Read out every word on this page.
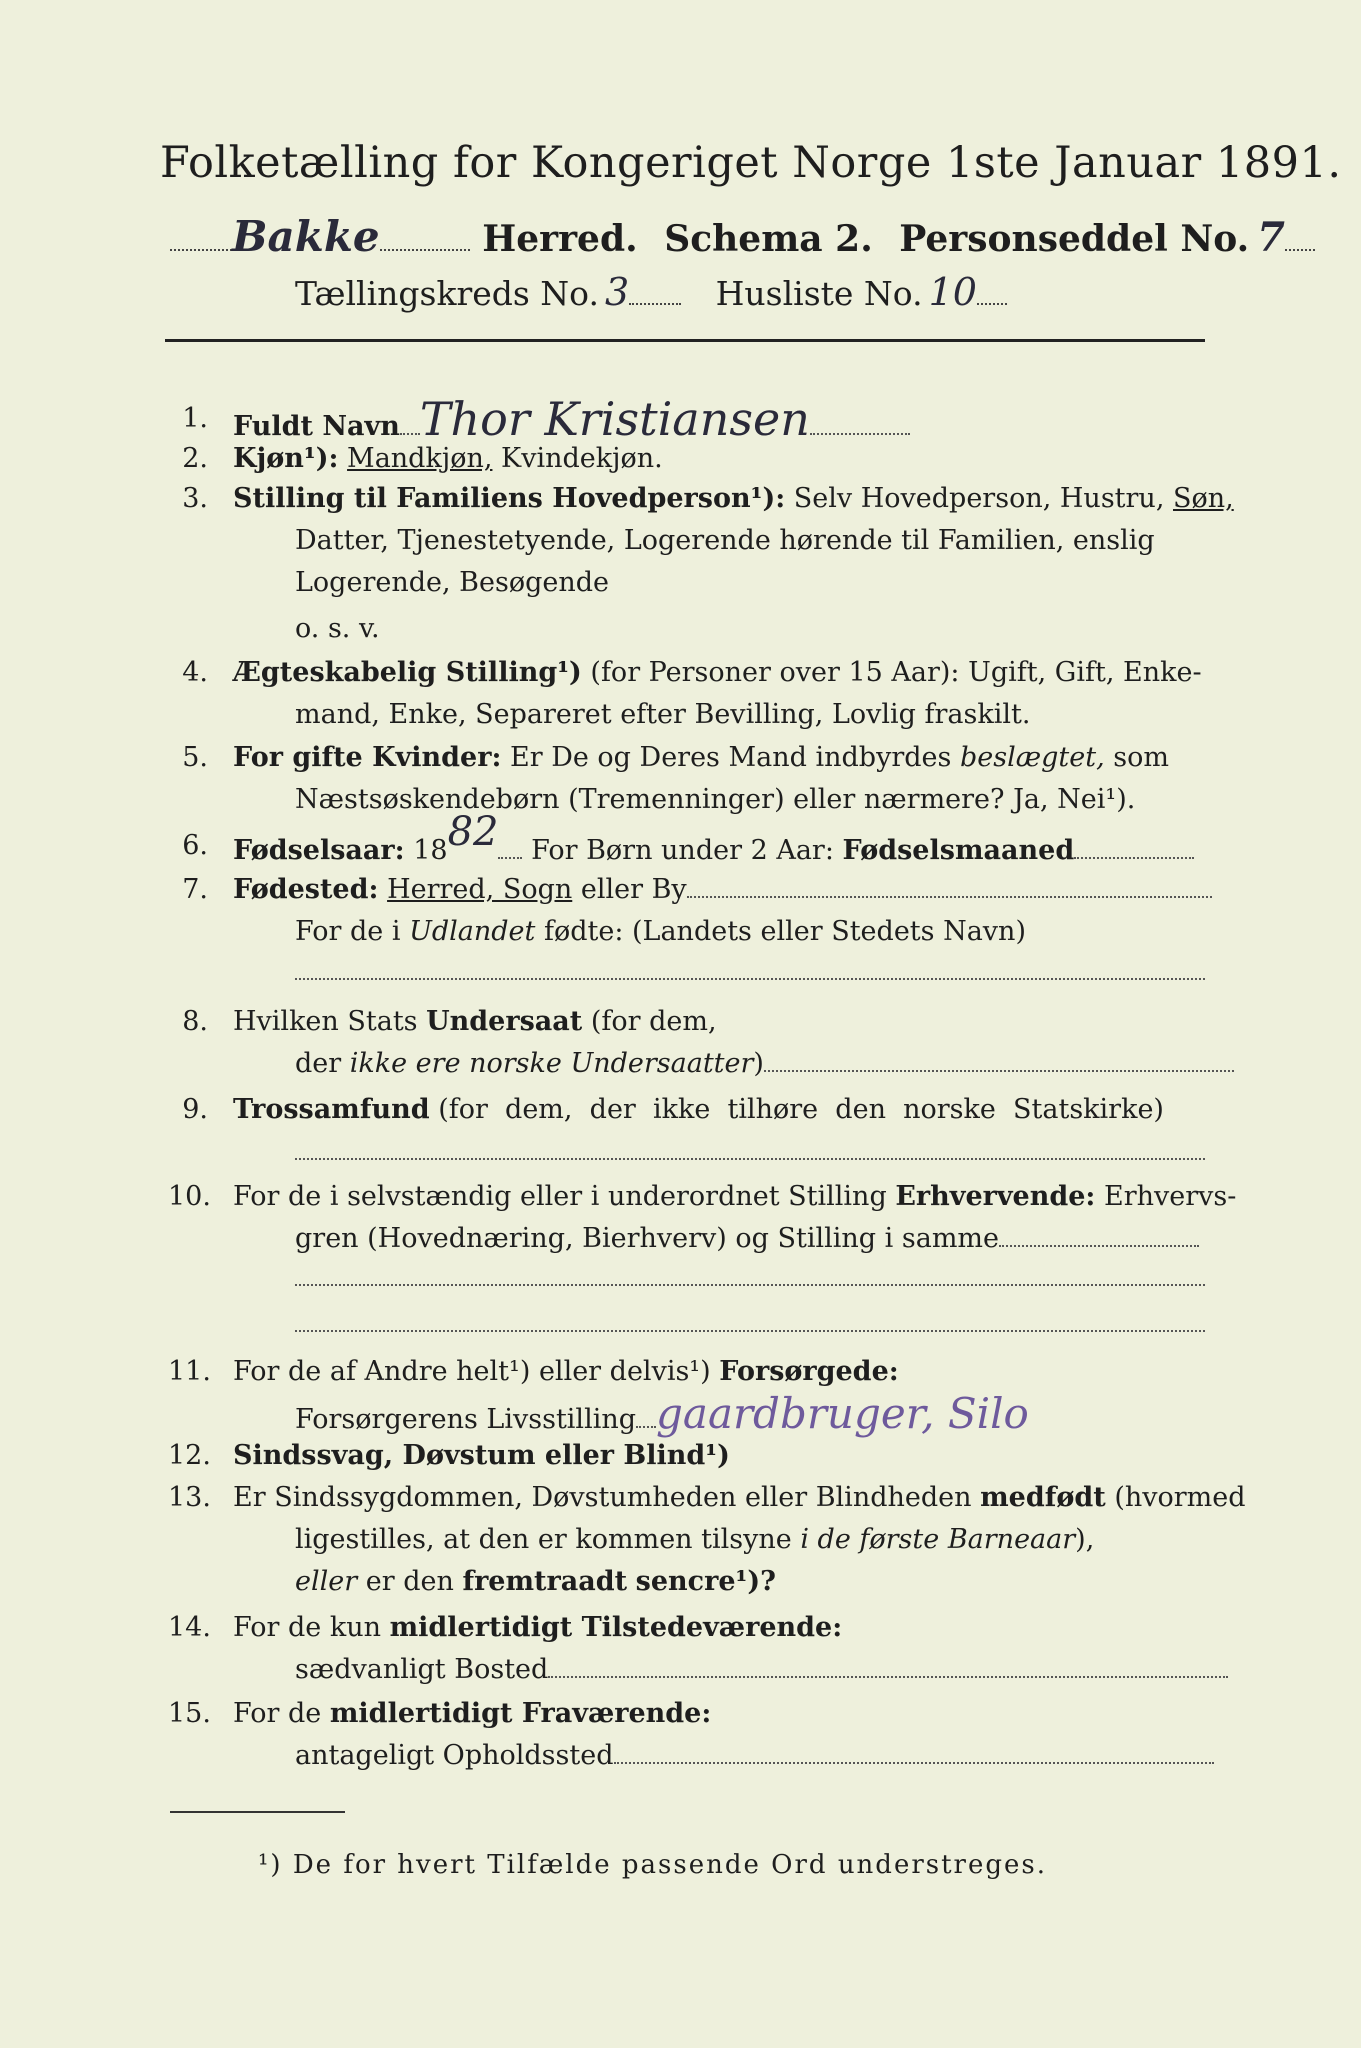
Folketælling for Kongeriget Norge 1ste Januar 1891.
Bakke	Herred. Schema 2. Personseddel No. 7
Tællingskreds No. 3	Husliste No. 10
1. Fuldt Navn Thor Kristiansen
2. Kjøn¹): Mandkjøn, Kvindekjøn.
3. Stilling til Familiens Hovedperson¹): Selv Hovedperson, Hustru, Søn,
Datter, Tjenestetyende, Logerende hørende til Familien, enslig
Logerende, Besøgende
o. s. v.
4. Ægteskabelig Stilling¹) (for Personer over 15 Aar): Ugift, Gift, Enke-
mand, Enke, Separeret efter Bevilling, Lovlig fraskilt.
5. For gifte Kvinder: Er De og Deres Mand indbyrdes beslægtet, som
Næstsøskendebørn (Tremenninger) eller nærmere? Ja, Nei¹).
6. Fødselsaar: 1882 For Børn under 2 Aar: Fødselsmaaned
7. Fødested: Herred, Sogn eller By
For de i Udlandet fødte: (Landets eller Stedets Navn)
8. Hvilken Stats Undersaat (for dem,
der ikke ere norske Undersaatter)
9. Trossamfund (for  dem,  der  ikke  tilhøre  den  norske  Statskirke)
10. For de i selvstændig eller i underordnet Stilling Erhvervende: Erhvervs-
gren (Hovednæring, Bierhverv) og Stilling i samme
11. For de af Andre helt¹) eller delvis¹) Forsørgede:
Forsørgerens Livsstilling gaardbruger, Silo
12. Sindssvag, Døvstum eller Blind¹)
13. Er Sindssygdommen, Døvstumheden eller Blindheden medfødt (hvormed
ligestilles, at den er kommen tilsyne i de første Barneaar),
eller er den fremtraadt sencre¹)?
14. For de kun midlertidigt Tilstedeværende:
sædvanligt Bosted
15. For de midlertidigt Fraværende:
antageligt Opholdssted
¹) De for hvert Tilfælde passende Ord understreges.
